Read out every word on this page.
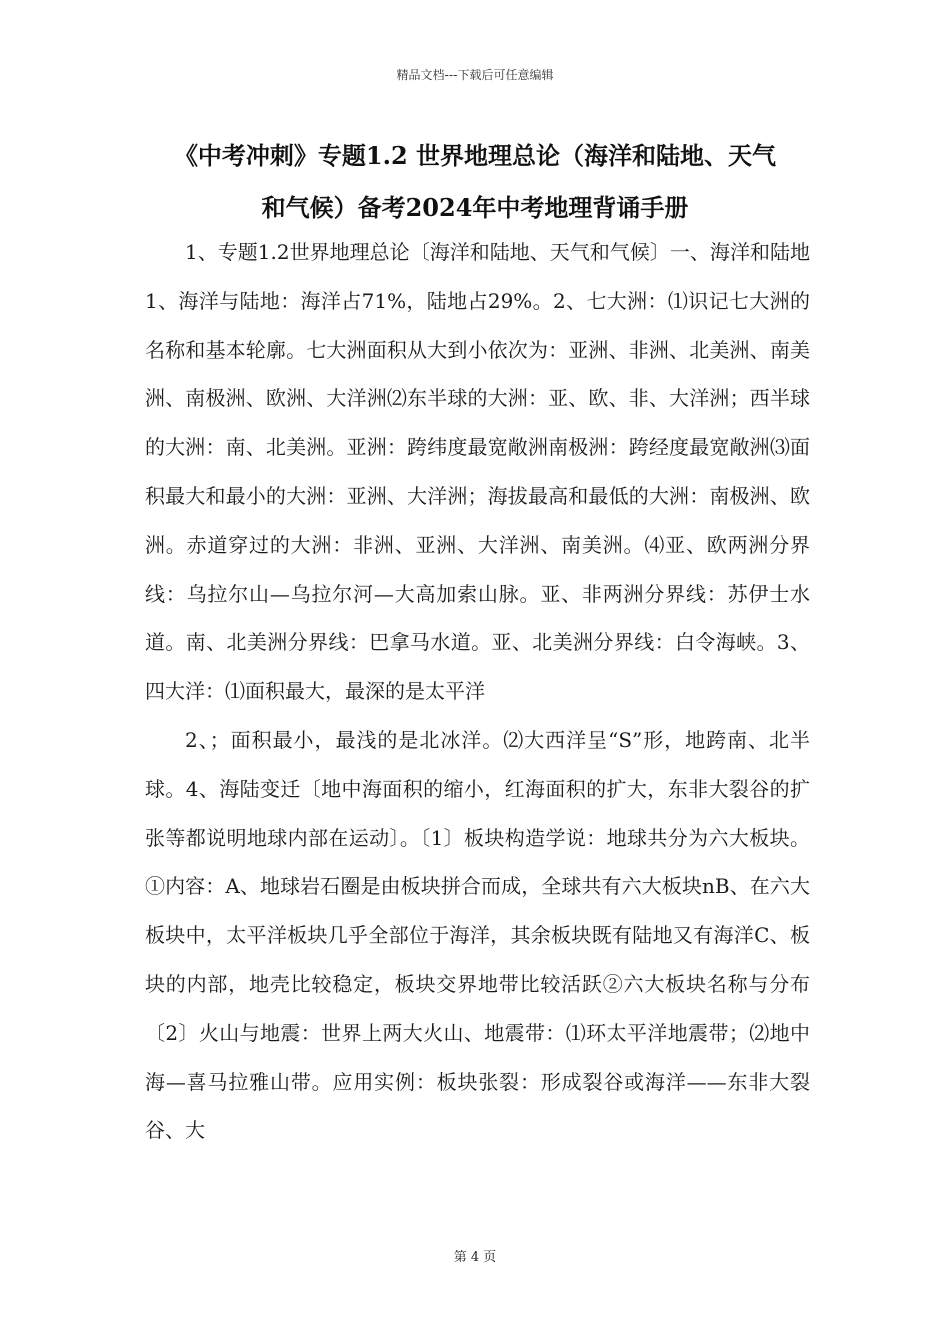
精品文档---下载后可任意编辑
《中考冲刺》专题1.2 世界地理总论（海洋和陆地、天气
和气候）备考2024年中考地理背诵手册

1、专题1.2世界地理总论〔海洋和陆地、天气和气候〕一、海洋和陆地1、海洋与陆地：海洋占71%，陆地占29%。2、七大洲：⑴识记七大洲的名称和基本轮廓。七大洲面积从大到小依次为：亚洲、非洲、北美洲、南美洲、南极洲、欧洲、大洋洲⑵东半球的大洲：亚、欧、非、大洋洲；西半球的大洲：南、北美洲。亚洲：跨纬度最宽敞洲南极洲：跨经度最宽敞洲⑶面积最大和最小的大洲：亚洲、大洋洲；海拔最高和最低的大洲：南极洲、欧洲。赤道穿过的大洲：非洲、亚洲、大洋洲、南美洲。⑷亚、欧两洲分界线：乌拉尔山—乌拉尔河—大高加索山脉。亚、非两洲分界线：苏伊士水道。南、北美洲分界线：巴拿马水道。亚、北美洲分界线：白令海峡。3、四大洋：⑴面积最大，最深的是太平洋

2、；面积最小，最浅的是北冰洋。⑵大西洋呈“S”形，地跨南、北半球。4、海陆变迁〔地中海面积的缩小，红海面积的扩大，东非大裂谷的扩张等都说明地球内部在运动〕。〔1〕板块构造学说：地球共分为六大板块。①内容：A、地球岩石圈是由板块拼合而成，全球共有六大板块nB、在六大板块中，太平洋板块几乎全部位于海洋，其余板块既有陆地又有海洋C、板块的内部，地壳比较稳定，板块交界地带比较活跃②六大板块名称与分布〔2〕火山与地震：世界上两大火山、地震带：⑴环太平洋地震带；⑵地中海—喜马拉雅山带。应用实例：板块张裂：形成裂谷或海洋——东非大裂谷、大

第 4 页
